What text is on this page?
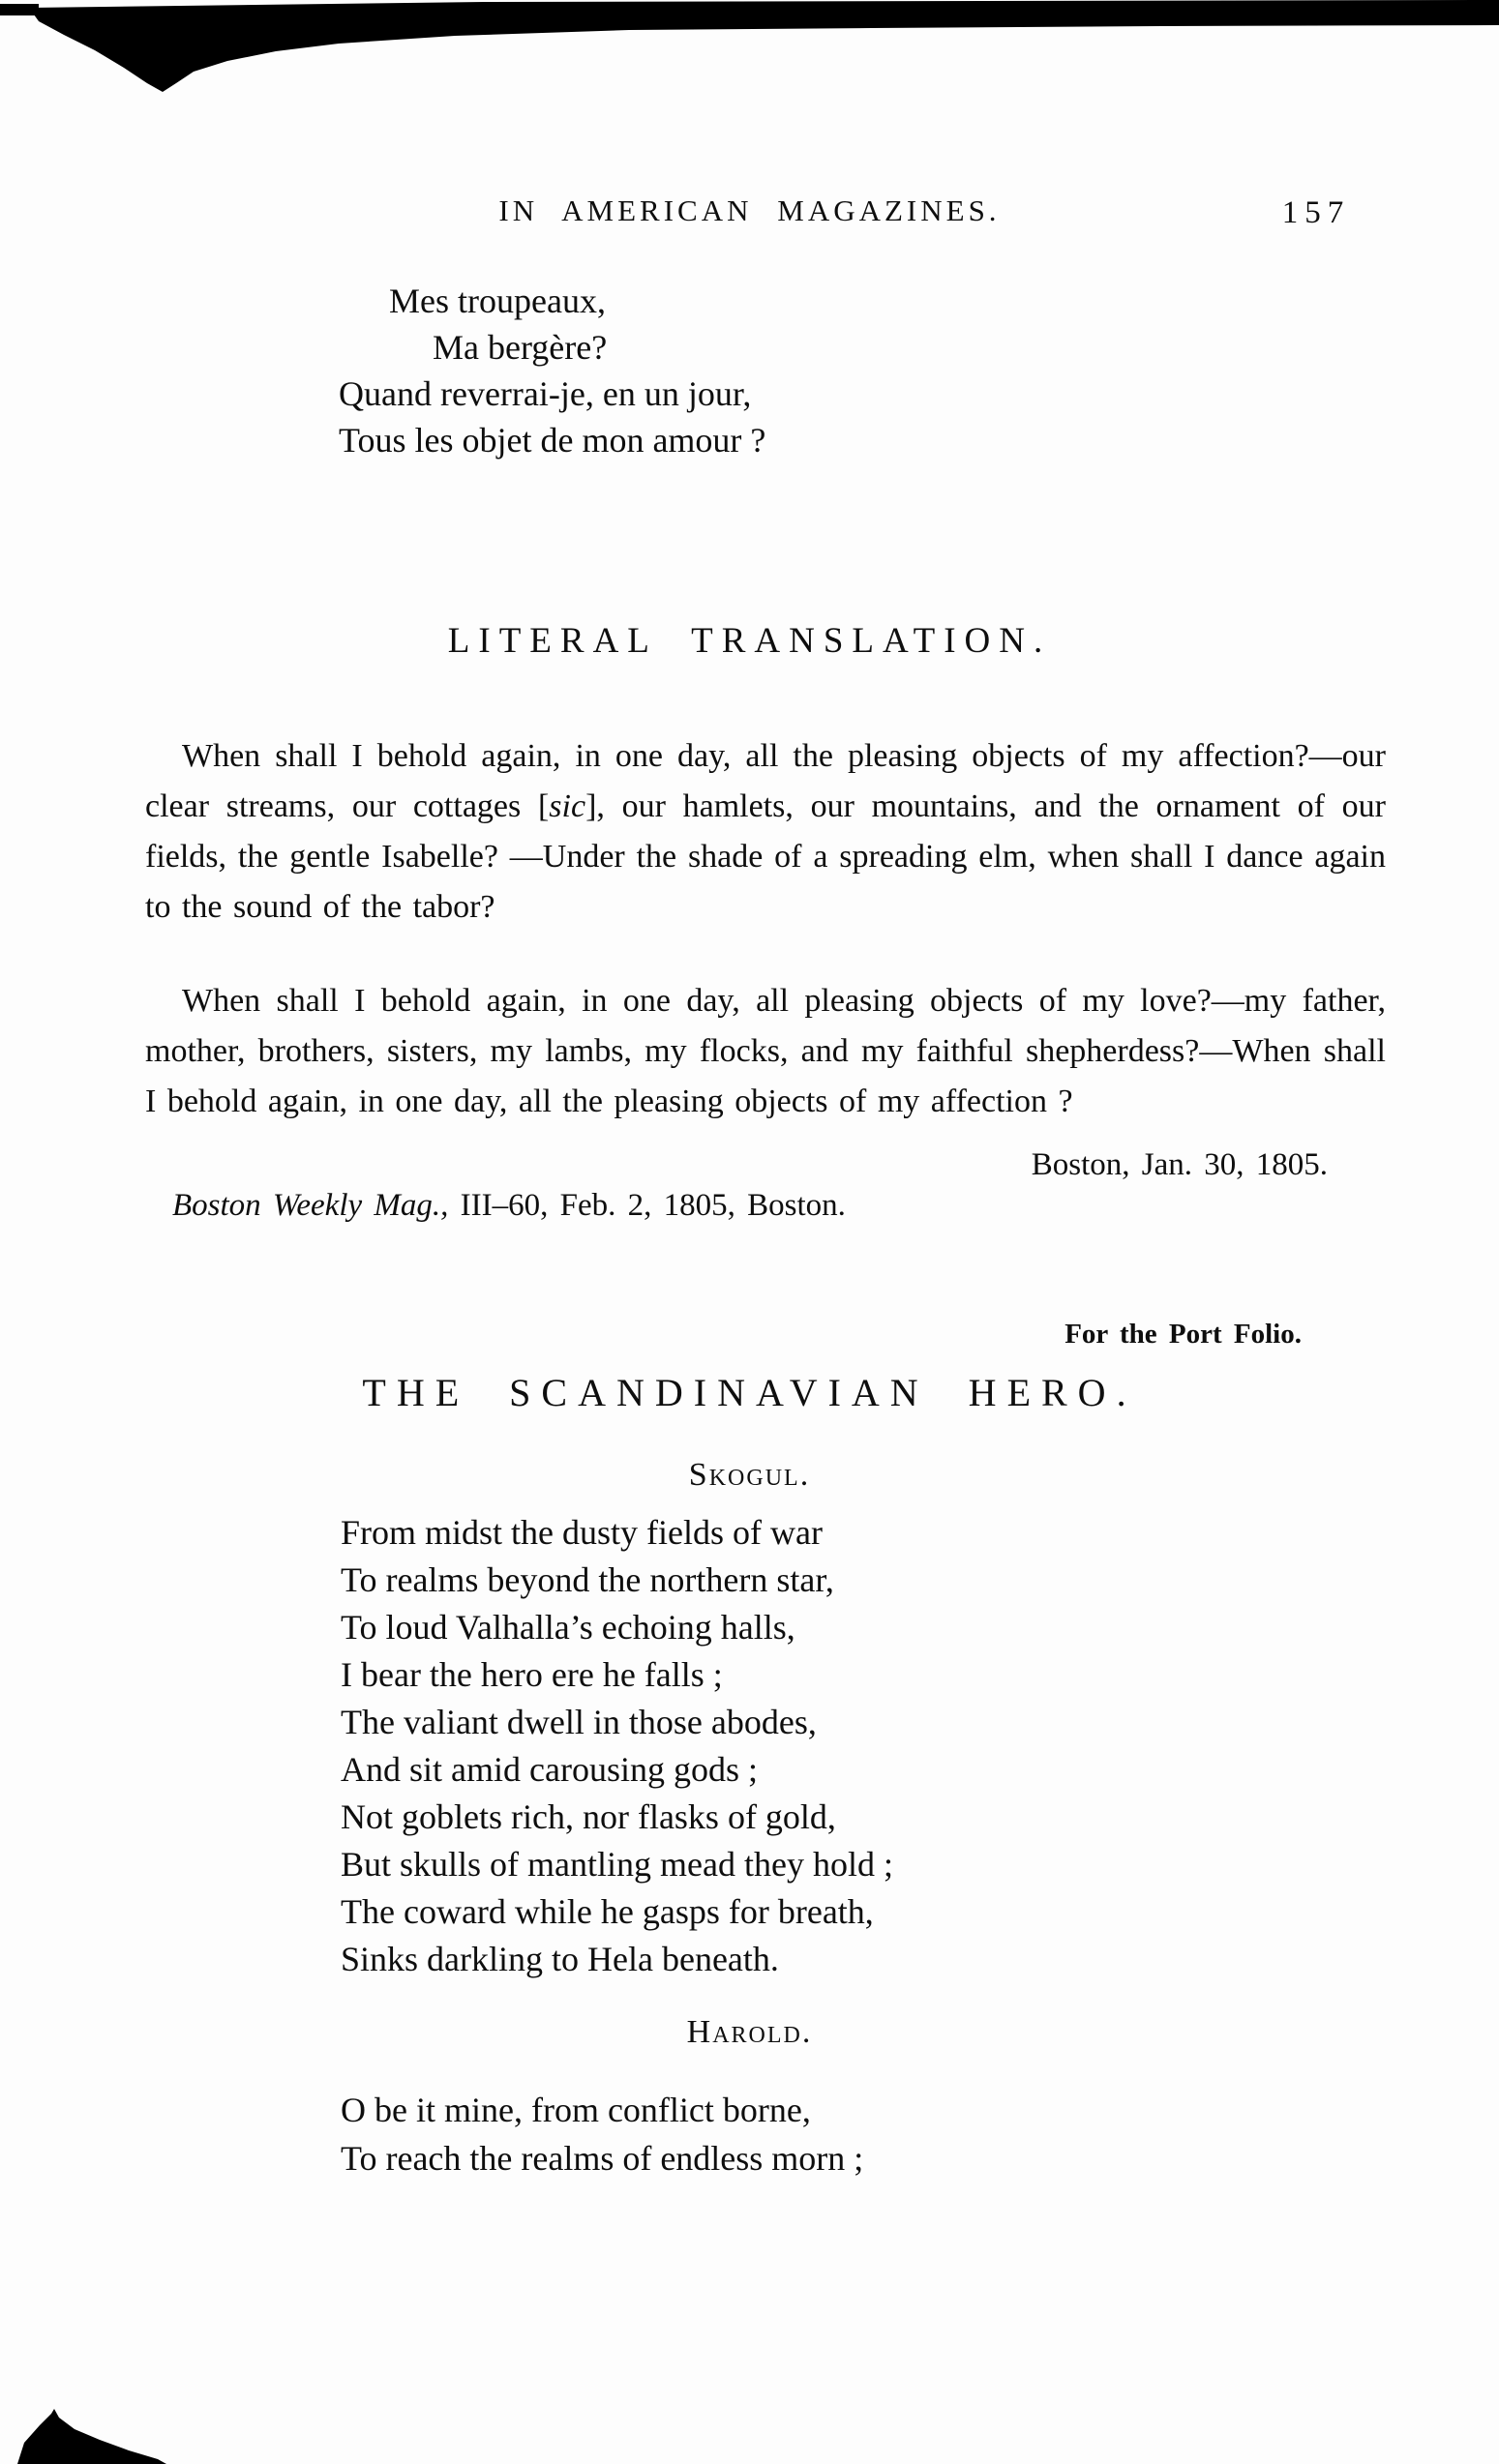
IN AMERICAN MAGAZINES.	157
Mes troupeaux,
Ma bergère?
Quand reverrai-je, en un jour,
Tous les objet de mon amour ?
LITERAL TRANSLATION.

When shall I behold again, in one day, all the pleasing objects of my affection?—our clear streams, our cottages [sic], our hamlets, our mountains, and the ornament of our fields, the gentle Isabelle? —Under the shade of a spreading elm, when shall I dance again to the sound of the tabor?

When shall I behold again, in one day, all pleasing objects of my love?—my father, mother, brothers, sisters, my lambs, my flocks, and my faithful shepherdess?—When shall I behold again, in one day, all the pleasing objects of my affection ?

Boston, Jan. 30, 1805.
Boston Weekly Mag., III–60, Feb. 2, 1805, Boston.
For the Port Folio.
THE SCANDINAVIAN HERO.
Skogul.
From midst the dusty fields of war
To realms beyond the northern star,
To loud Valhalla’s echoing halls,
I bear the hero ere he falls ;
The valiant dwell in those abodes,
And sit amid carousing gods ;
Not goblets rich, nor flasks of gold,
But skulls of mantling mead they hold ;
The coward while he gasps for breath,
Sinks darkling to Hela beneath.
Harold.
O be it mine, from conflict borne,
To reach the realms of endless morn ;
